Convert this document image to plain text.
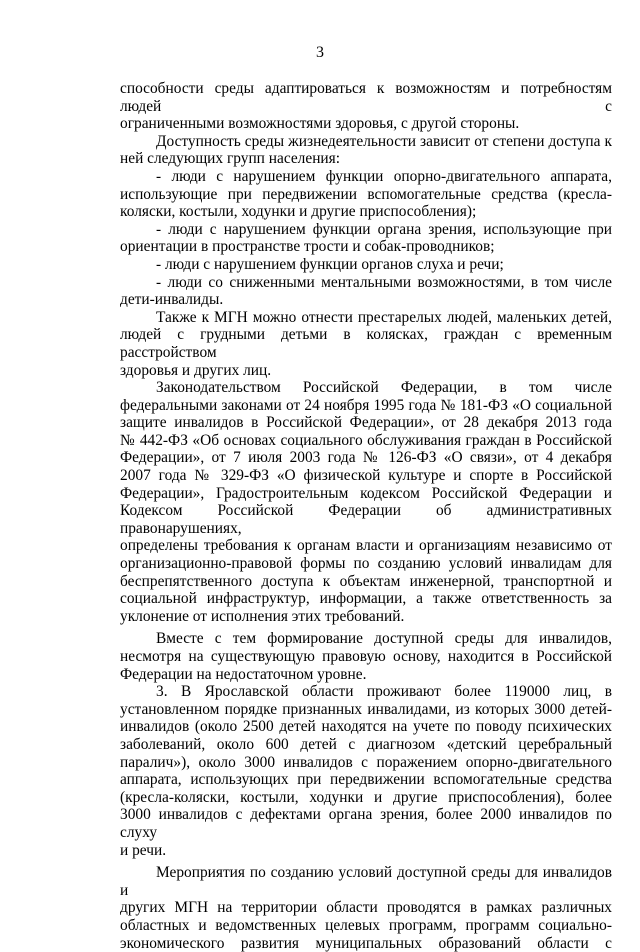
3

способности среды адаптироваться к возможностям и потребностям людей с

ограниченными возможностями здоровья, с другой стороны.

Доступность среды жизнедеятельности зависит от степени доступа к

ней следующих групп населения:

- люди с нарушением функции опорно-двигательного аппарата,

использующие при передвижении вспомогательные средства (кресла-

коляски, костыли, ходунки и другие приспособления);

- люди с нарушением функции органа зрения, использующие при

ориентации в пространстве трости и собак-проводников;

- люди с нарушением функции органов слуха и речи;

- люди со сниженными ментальными возможностями, в том числе

дети-инвалиды.

Также к МГН можно отнести престарелых людей, маленьких детей,

людей с грудными детьми в колясках, граждан с временным расстройством

здоровья и других лиц.

Законодательством Российской Федерации, в том числе

федеральными законами от 24 ноября 1995 года № 181-ФЗ «О социальной

защите инвалидов в Российской Федерации», от 28 декабря 2013 года

№ 442-ФЗ «Об основах социального обслуживания граждан в Российской

Федерации», от 7 июля 2003 года № 126-ФЗ «О связи», от 4 декабря

2007 года № 329-ФЗ «О физической культуре и спорте в Российской

Федерации», Градостроительным кодексом Российской Федерации и

Кодексом Российской Федерации об административных правонарушениях,

определены требования к органам власти и организациям независимо от

организационно-правовой формы по созданию условий инвалидам для

беспрепятственного доступа к объектам инженерной, транспортной и

социальной инфраструктур, информации, а также ответственность за

уклонение от исполнения этих требований.

Вместе с тем формирование доступной среды для инвалидов,

несмотря на существующую правовую основу, находится в Российской

Федерации на недостаточном уровне.

3. В Ярославской области проживают более 119000 лиц, в

установленном порядке признанных инвалидами, из которых 3000 детей-

инвалидов (около 2500 детей находятся на учете по поводу психических

заболеваний, около 600 детей с диагнозом «детский церебральный

паралич»), около 3000 инвалидов с поражением опорно-двигательного

аппарата, использующих при передвижении вспомогательные средства

(кресла-коляски, костыли, ходунки и другие приспособления), более

3000 инвалидов с дефектами органа зрения, более 2000 инвалидов по слуху

и речи.

Мероприятия по созданию условий доступной среды для инвалидов и

других МГН на территории области проводятся в рамках различных

областных и ведомственных целевых программ, программ социально-

экономического развития муниципальных образований области с
